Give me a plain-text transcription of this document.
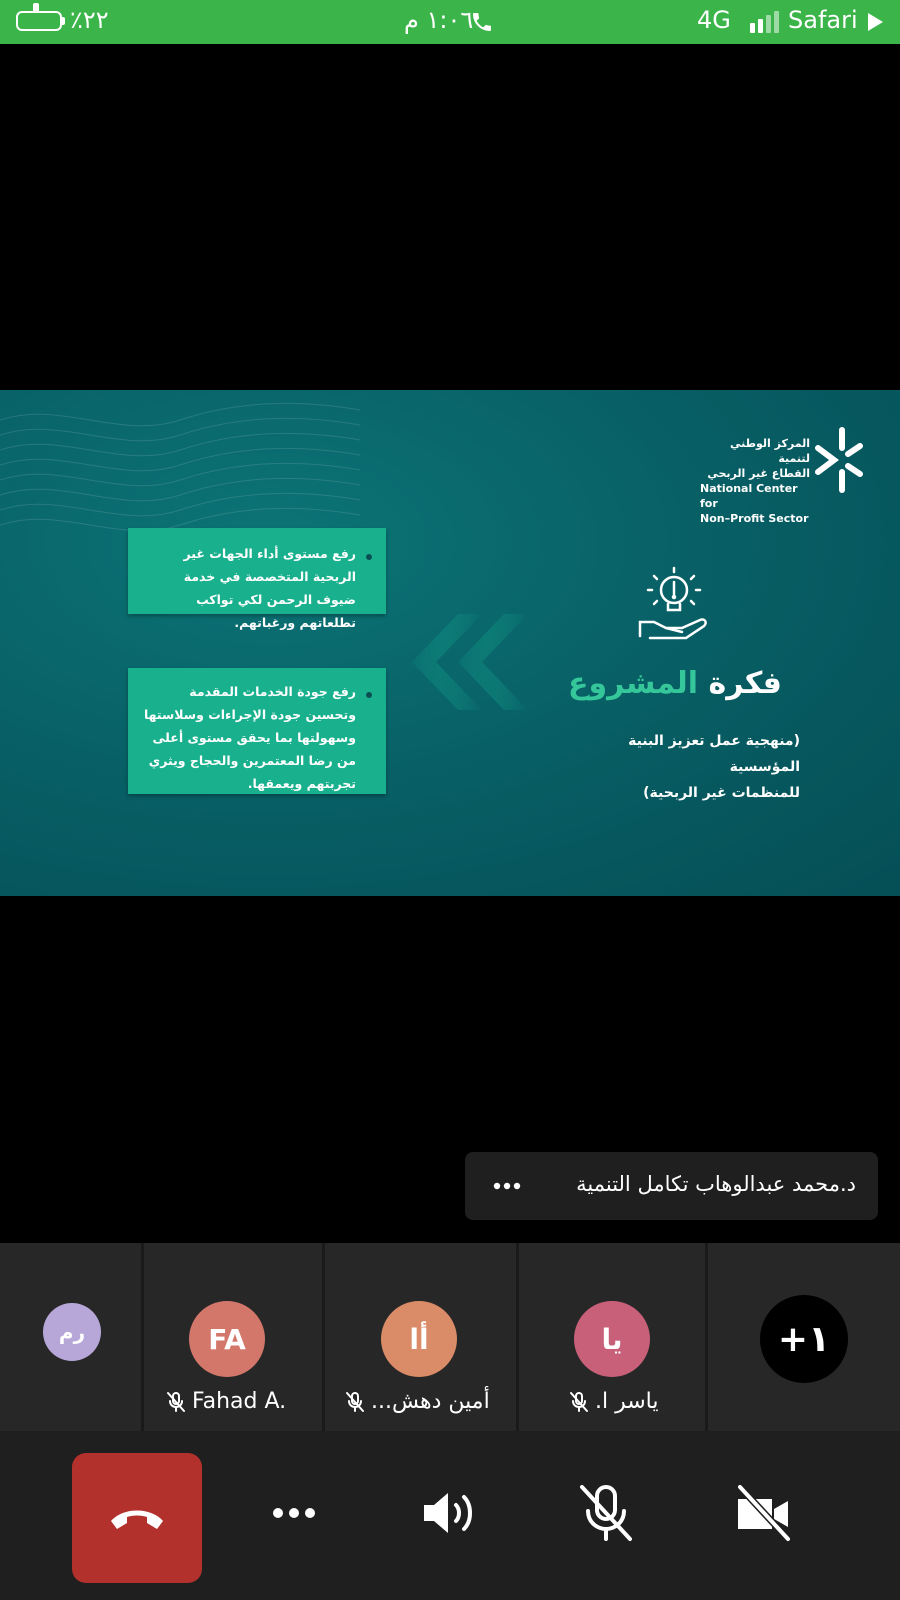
٪٢٢	١:٠٦ م	4G Safari
المركز الوطني لتنمية
القطاع غير الربحي
National Center for
Non–Profit Sector
رفع مستوى أداء الجهات غير الربحية المتخصصة في خدمة ضيوف الرحمن لكي تواكب تطلعاتهم ورغباتهم.
رفع جودة الخدمات المقدمة وتحسين جودة الإجراءات وسلاستها وسهولتها بما يحقق مستوى أعلى من رضا المعتمرين والحجاج ويثري تجربتهم ويعمقها.
فكرة المشروع
(منهجية عمل تعزيز البنية المؤسسية
للمنظمات غير الربحية)
د.محمد عبدالوهاب تكامل التنمية
رم	FA
Fahad A.
أا
أمين دهش...
يا
ياسر ا.
+١
